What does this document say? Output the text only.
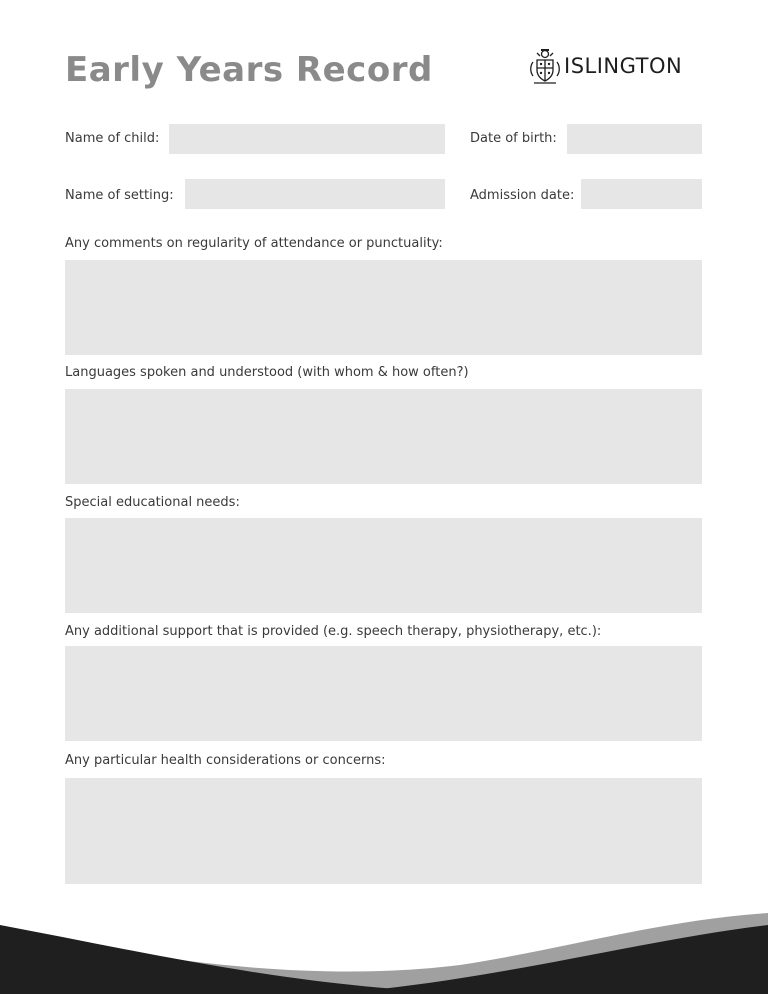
Early Years Record	ISLINGTON
Name of child:	Date of birth:
Name of setting:	Admission date:
Any comments on regularity of attendance or punctuality:
Languages spoken and understood (with whom & how often?)
Special educational needs:
Any additional support that is provided (e.g. speech therapy, physiotherapy, etc.):
Any particular health considerations or concerns:
